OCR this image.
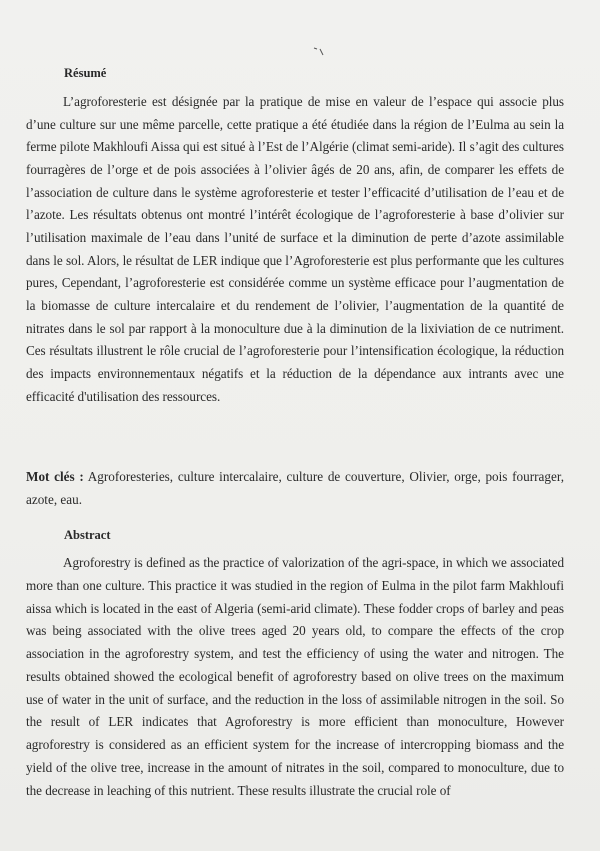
Résumé

L’agroforesterie est désignée par la pratique de mise en valeur de l’espace qui associe plus d’une culture sur une même parcelle, cette pratique a été étudiée dans la région de l’Eulma au sein la ferme pilote Makhloufi Aissa qui est situé à l’Est de l’Algérie (climat semi-aride). Il s’agit des cultures fourragères de l’orge et de pois associées à l’olivier âgés de 20 ans, afin, de comparer les effets de l’association de culture dans le système agroforesterie et tester l’efficacité d’utilisation de l’eau et de l’azote. Les résultats obtenus ont montré l’intérêt écologique de l’agroforesterie à base d’olivier sur l’utilisation maximale de l’eau dans l’unité de surface et la diminution de perte d’azote assimilable dans le sol. Alors, le résultat de LER indique que l’Agroforesterie est plus performante que les cultures pures, Cependant, l’agroforesterie est considérée comme un système efficace pour l’augmentation de la biomasse de culture intercalaire et du rendement de l’olivier, l’augmentation de la quantité de nitrates dans le sol par rapport à la monoculture due à la diminution de la lixiviation de ce nutriment. Ces résultats illustrent le rôle crucial de l’agroforesterie pour l’intensification écologique, la réduction des impacts environnementaux négatifs et la réduction de la dépendance aux intrants avec une efficacité d'utilisation des ressources.

Mot clés : Agroforesteries, culture intercalaire, culture de couverture, Olivier, orge, pois fourrager, azote, eau.

Abstract

Agroforestry is defined as the practice of valorization of the agri-space, in which we associated more than one culture. This practice it was studied in the region of Eulma in the pilot farm Makhloufi aissa which is located in the east of Algeria (semi-arid climate). These fodder crops of barley and peas was being associated with the olive trees aged 20 years old, to compare the effects of the crop association in the agroforestry system, and test the efficiency of using the water and nitrogen. The results obtained showed the ecological benefit of agroforestry based on olive trees on the maximum use of water in the unit of surface, and the reduction in the loss of assimilable nitrogen in the soil. So the result of LER indicates that Agroforestry is more efficient than monoculture, However agroforestry is considered as an efficient system for the increase of intercropping biomass and the yield of the olive tree, increase in the amount of nitrates in the soil, compared to monoculture, due to the decrease in leaching of this nutrient. These results illustrate the crucial role of
